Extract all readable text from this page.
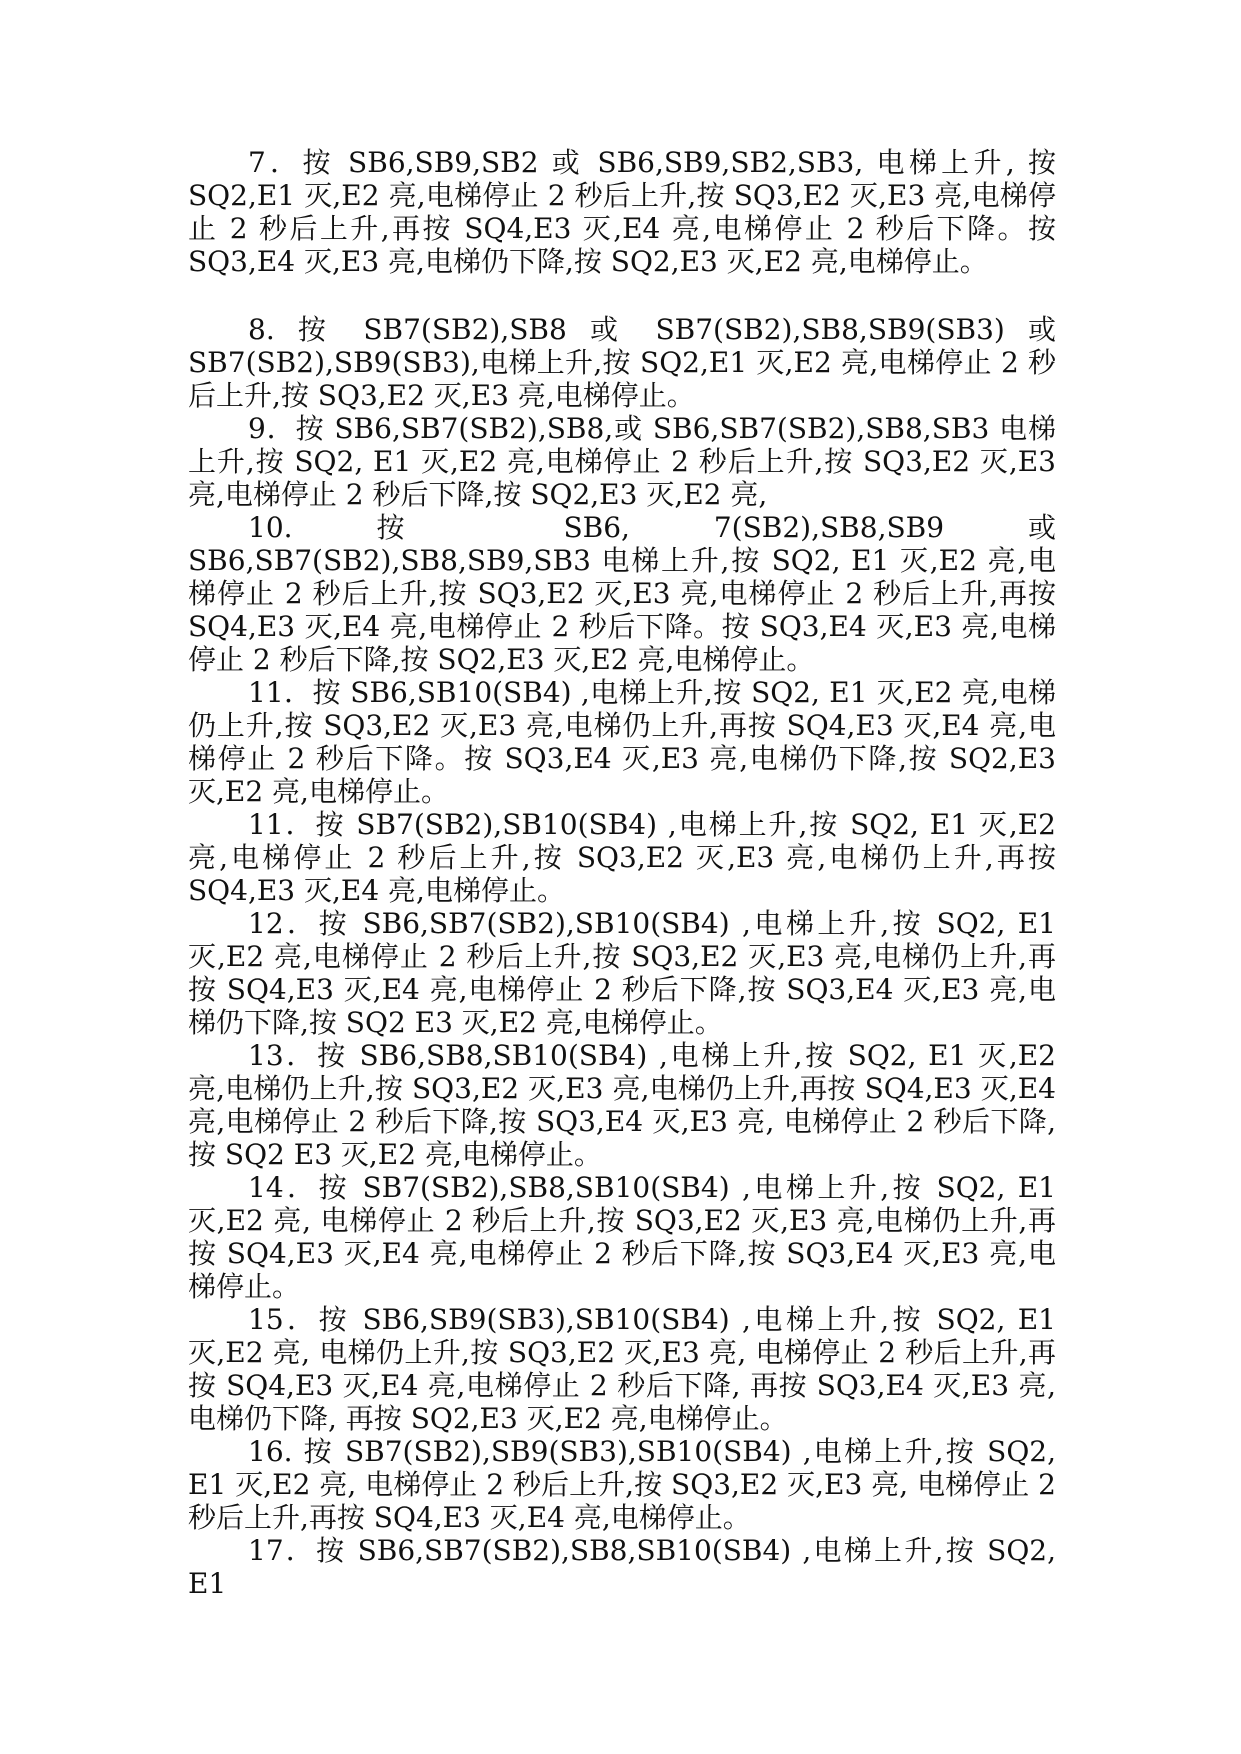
7．按 SB6,SB9,SB2 或 SB6,SB9,SB2,SB3, 电梯上升, 按 SQ2,E1 灭,E2 亮,电梯停止 2 秒后上升,按 SQ3,E2 灭,E3 亮,电梯停止 2 秒后上升,再按 SQ4,E3 灭,E4 亮,电梯停止 2 秒后下降。按 SQ3,E4 灭,E3 亮,电梯仍下降,按 SQ2,E3 灭,E2 亮,电梯停止。

8. 按 SB7(SB2),SB8 或 SB7(SB2),SB8,SB9(SB3) 或 SB7(SB2),SB9(SB3),电梯上升,按 SQ2,E1 灭,E2 亮,电梯停止 2 秒后上升,按 SQ3,E2 灭,E3 亮,电梯停止。

9．按 SB6,SB7(SB2),SB8,或 SB6,SB7(SB2),SB8,SB3 电梯上升,按 SQ2, E1 灭,E2 亮,电梯停止 2 秒后上升,按 SQ3,E2 灭,E3 亮,电梯停止 2 秒后下降,按 SQ2,E3 灭,E2 亮,

10. 按 SB6, 7(SB2),SB8,SB9 或 SB6,SB7(SB2),SB8,SB9,SB3 电梯上升,按 SQ2, E1 灭,E2 亮,电梯停止 2 秒后上升,按 SQ3,E2 灭,E3 亮,电梯停止 2 秒后上升,再按 SQ4,E3 灭,E4 亮,电梯停止 2 秒后下降。按 SQ3,E4 灭,E3 亮,电梯停止 2 秒后下降,按 SQ2,E3 灭,E2 亮,电梯停止。

11．按 SB6,SB10(SB4) ,电梯上升,按 SQ2, E1 灭,E2 亮,电梯仍上升,按 SQ3,E2 灭,E3 亮,电梯仍上升,再按 SQ4,E3 灭,E4 亮,电梯停止 2 秒后下降。按 SQ3,E4 灭,E3 亮,电梯仍下降,按 SQ2,E3 灭,E2 亮,电梯停止。

11．按 SB7(SB2),SB10(SB4) ,电梯上升,按 SQ2, E1 灭,E2 亮,电梯停止 2 秒后上升,按 SQ3,E2 灭,E3 亮,电梯仍上升,再按 SQ4,E3 灭,E4 亮,电梯停止。

12．按 SB6,SB7(SB2),SB10(SB4) ,电梯上升,按 SQ2, E1 灭,E2 亮,电梯停止 2 秒后上升,按 SQ3,E2 灭,E3 亮,电梯仍上升,再按 SQ4,E3 灭,E4 亮,电梯停止 2 秒后下降,按 SQ3,E4 灭,E3 亮,电梯仍下降,按 SQ2 E3 灭,E2 亮,电梯停止。

13．按 SB6,SB8,SB10(SB4) ,电梯上升,按 SQ2, E1 灭,E2 亮,电梯仍上升,按 SQ3,E2 灭,E3 亮,电梯仍上升,再按 SQ4,E3 灭,E4 亮,电梯停止 2 秒后下降,按 SQ3,E4 灭,E3 亮, 电梯停止 2 秒后下降,按 SQ2 E3 灭,E2 亮,电梯停止。

14．按 SB7(SB2),SB8,SB10(SB4) ,电梯上升,按 SQ2, E1 灭,E2 亮, 电梯停止 2 秒后上升,按 SQ3,E2 灭,E3 亮,电梯仍上升,再按 SQ4,E3 灭,E4 亮,电梯停止 2 秒后下降,按 SQ3,E4 灭,E3 亮,电梯停止。

15．按 SB6,SB9(SB3),SB10(SB4) ,电梯上升,按 SQ2, E1 灭,E2 亮, 电梯仍上升,按 SQ3,E2 灭,E3 亮, 电梯停止 2 秒后上升,再按 SQ4,E3 灭,E4 亮,电梯停止 2 秒后下降, 再按 SQ3,E4 灭,E3 亮, 电梯仍下降, 再按 SQ2,E3 灭,E2 亮,电梯停止。

16. 按 SB7(SB2),SB9(SB3),SB10(SB4) ,电梯上升,按 SQ2, E1 灭,E2 亮, 电梯停止 2 秒后上升,按 SQ3,E2 灭,E3 亮, 电梯停止 2 秒后上升,再按 SQ4,E3 灭,E4 亮,电梯停止。

17．按 SB6,SB7(SB2),SB8,SB10(SB4) ,电梯上升,按 SQ2, E1
